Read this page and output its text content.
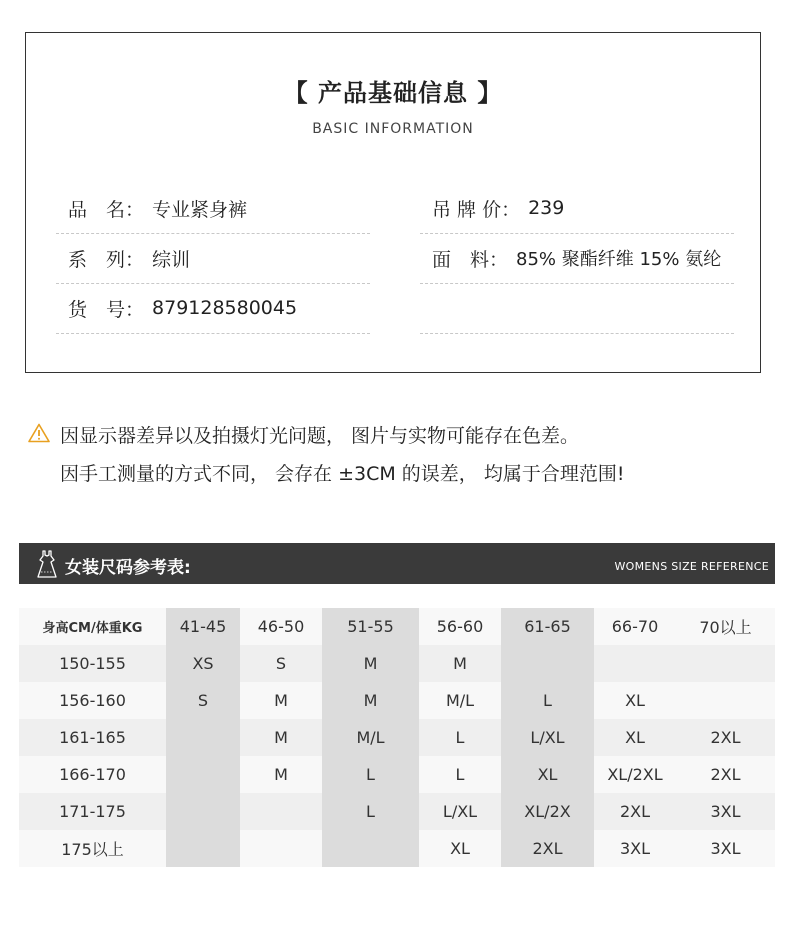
【 产品基础信息 】
BASIC INFORMATION
品　名： 专业紧身裤
系　列： 综训
货　号： 879128580045
吊 牌 价： 239
面　料： 85% 聚酯纤维 15% 氨纶
因显示器差异以及拍摄灯光问题， 图片与实物可能存在色差。
因手工测量的方式不同， 会存在 ±3CM 的误差， 均属于合理范围!
女装尺码参考表:	WOMENS SIZE REFERENCE
身高CM/体重KG	41-45	46-50	51-55	56-60	61-65	66-70	70以上
150-155	XS	S	M	M			
156-160	S	M	M	M/L	L	XL	
161-165		M	M/L	L	L/XL	XL	2XL
166-170		M	L	L	XL	XL/2XL	2XL
171-175			L	L/XL	XL/2X	2XL	3XL
175以上				XL	2XL	3XL	3XL
